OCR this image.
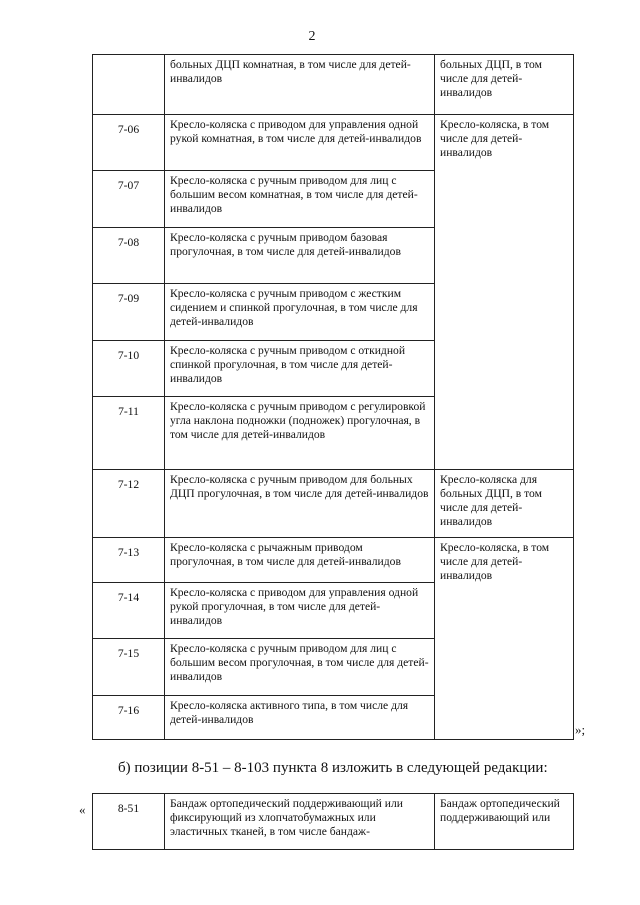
2
	больных ДЦП комнатная, в том числе для детей-инвалидов	больных ДЦП, в том числе для детей-инвалидов
7-06	Кресло-коляска с приводом для управления одной рукой комнатная, в том числе для детей-инвалидов	Кресло-коляска, в том числе для детей-инвалидов
7-07	Кресло-коляска с ручным приводом для лиц с большим весом комнатная, в том числе для детей-инвалидов	
7-08	Кресло-коляска с ручным приводом базовая прогулочная, в том числе для детей-инвалидов	
7-09	Кресло-коляска с ручным приводом с жестким сидением и спинкой прогулочная, в том числе для детей-инвалидов	
7-10	Кресло-коляска с ручным приводом с откидной спинкой прогулочная, в том числе для детей-инвалидов	
7-11	Кресло-коляска с ручным приводом с регулировкой угла наклона подножки (подножек) прогулочная, в том числе для детей-инвалидов	
7-12	Кресло-коляска с ручным приводом для больных ДЦП прогулочная, в том числе для детей-инвалидов	Кресло-коляска для больных ДЦП, в том числе для детей-инвалидов
7-13	Кресло-коляска с рычажным приводом прогулочная, в том числе для детей-инвалидов	Кресло-коляска, в том числе для детей-инвалидов
7-14	Кресло-коляска с приводом для управления одной рукой прогулочная, в том числе для детей-инвалидов	
7-15	Кресло-коляска с ручным приводом для лиц с большим весом прогулочная, в том числе для детей-инвалидов	
7-16	Кресло-коляска активного типа, в том числе для детей-инвалидов	
»;
б) позиции 8-51 – 8-103 пункта 8 изложить в следующей редакции:
«	8-51	Бандаж ортопедический поддерживающий или фиксирующий из хлопчатобумажных или эластичных тканей, в том числе бандаж-	Бандаж ортопедический поддерживающий или
